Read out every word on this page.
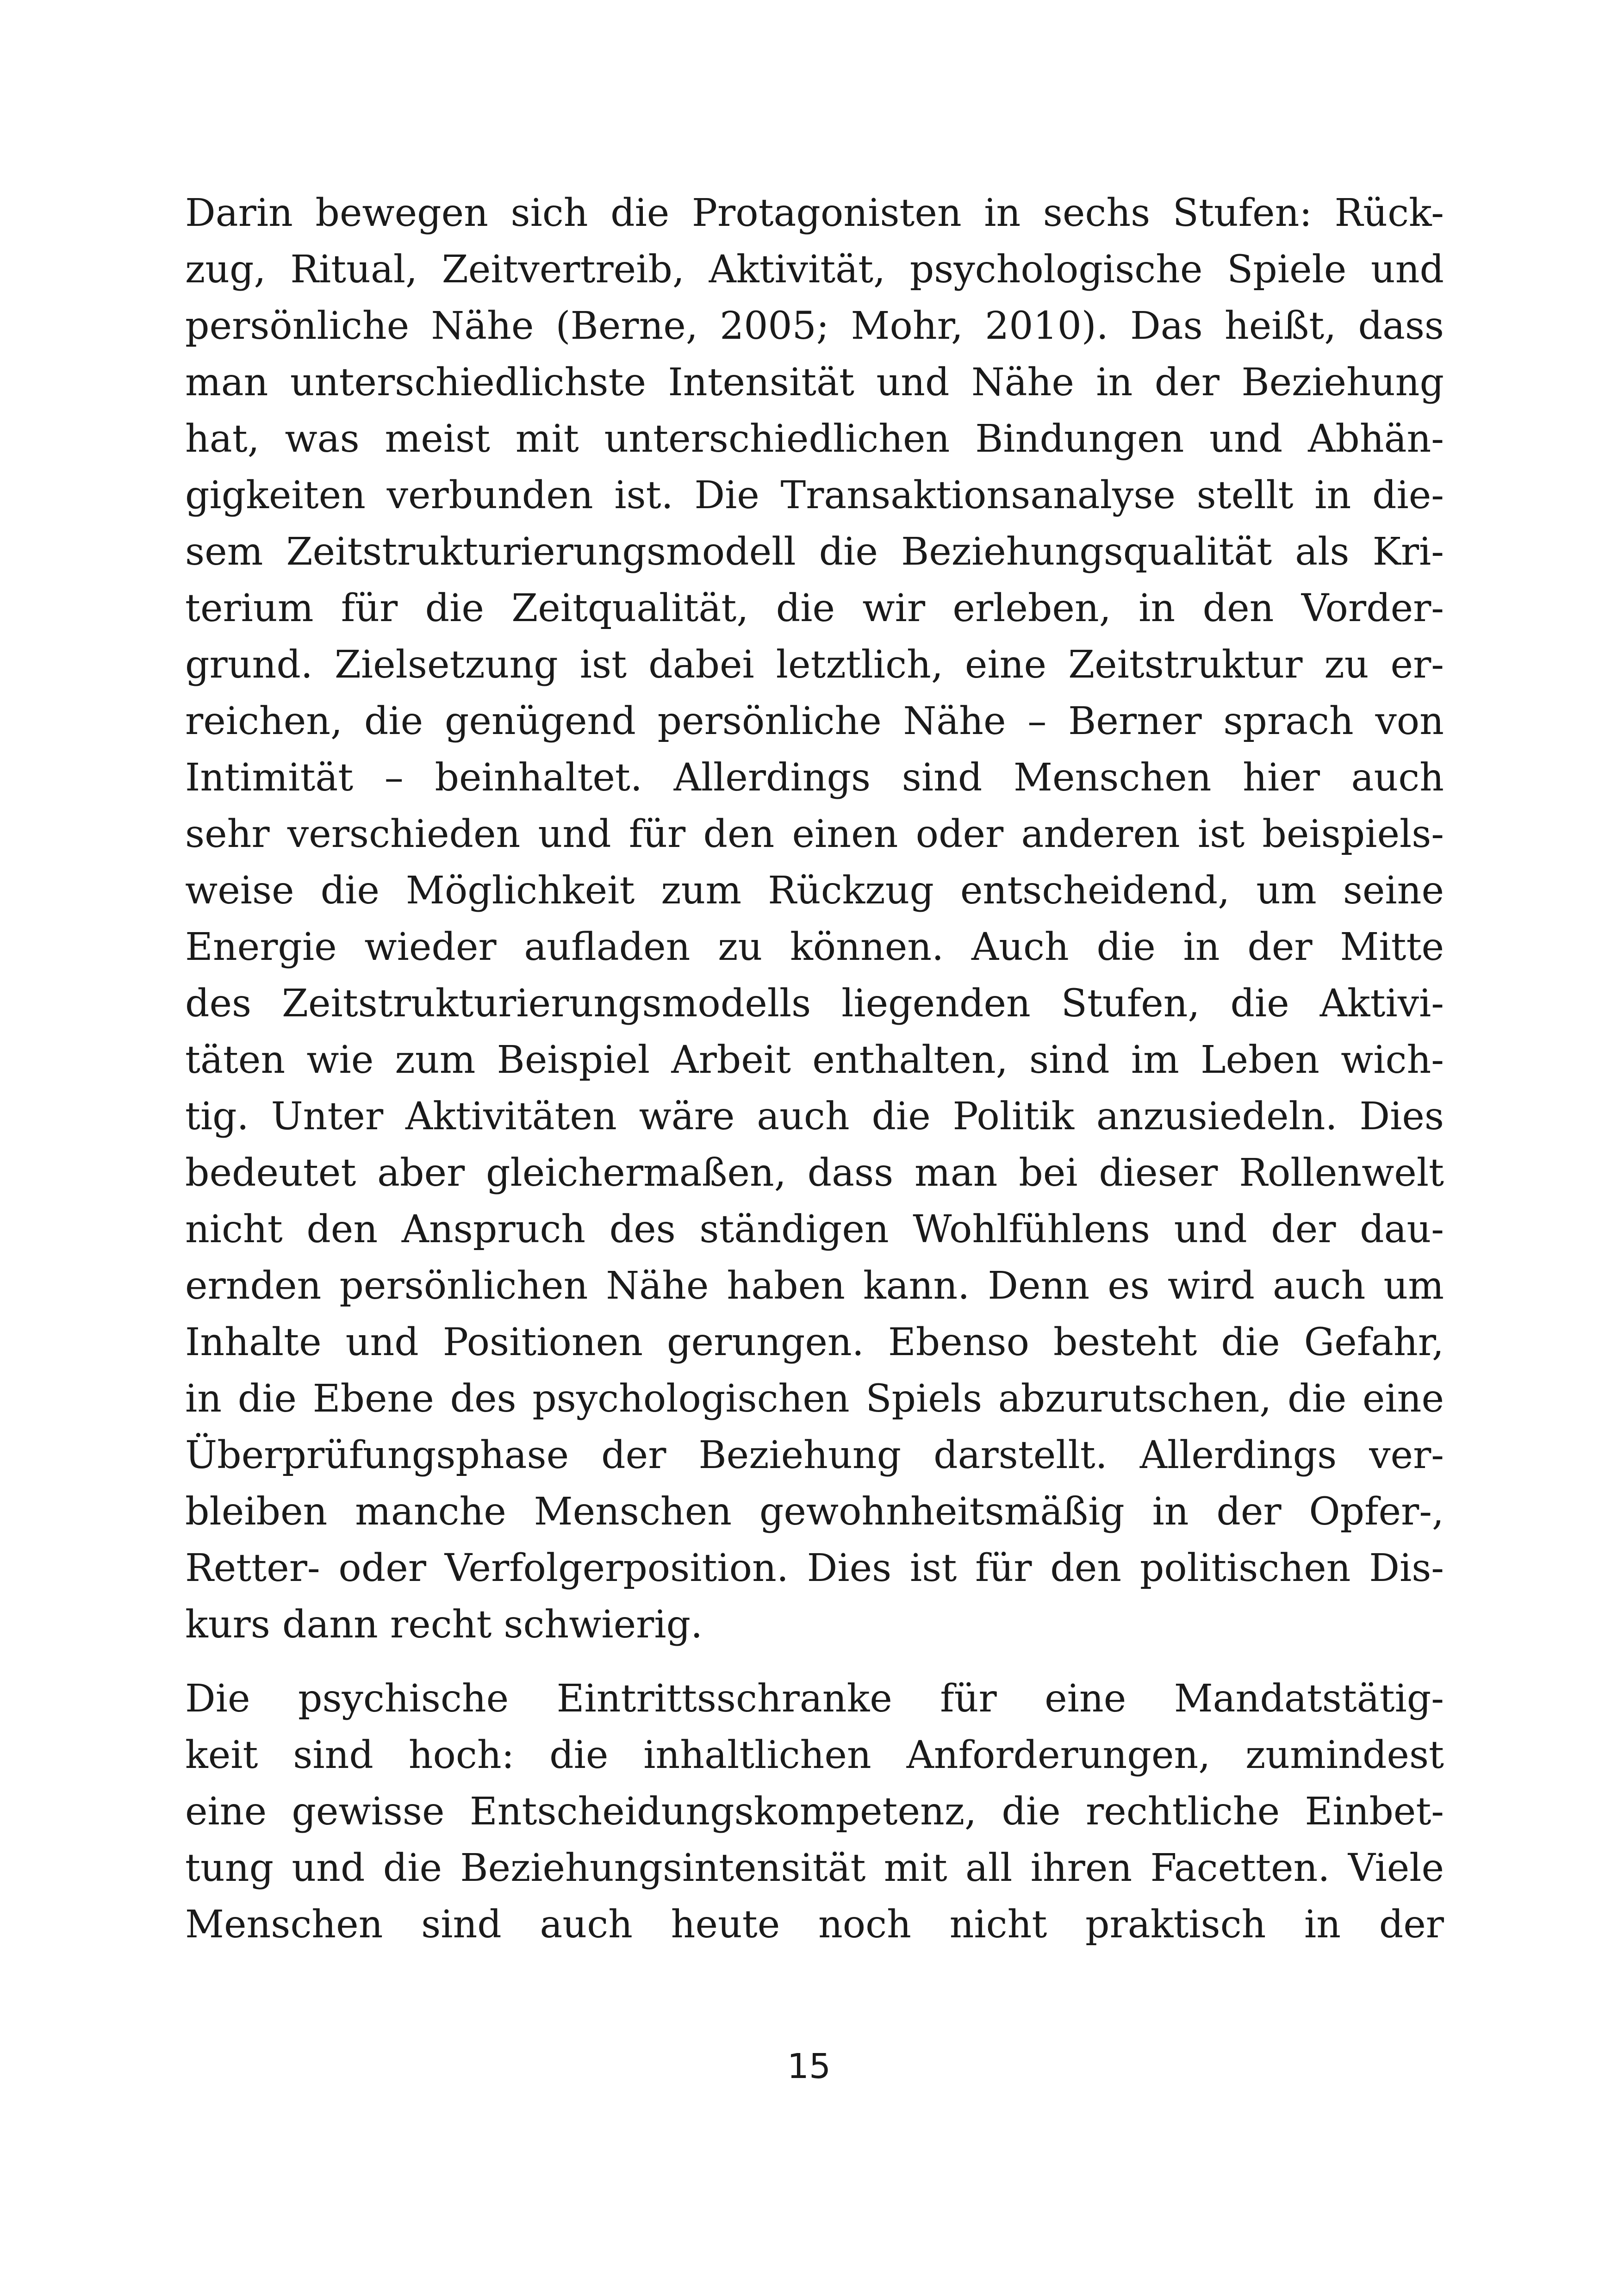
Darin bewegen sich die Protagonisten in sechs Stufen: Rück-
zug, Ritual, Zeitvertreib, Aktivität, psychologische Spiele und
persönliche Nähe (Berne, 2005; Mohr, 2010). Das heißt, dass
man unterschiedlichste Intensität und Nähe in der Beziehung
hat, was meist mit unterschiedlichen Bindungen und Abhän-
gigkeiten verbunden ist. Die Transaktionsanalyse stellt in die-
sem Zeitstrukturierungsmodell die Beziehungsqualität als Kri-
terium für die Zeitqualität, die wir erleben, in den Vorder-
grund. Zielsetzung ist dabei letztlich, eine Zeitstruktur zu er-
reichen, die genügend persönliche Nähe – Berner sprach von
Intimität – beinhaltet. Allerdings sind Menschen hier auch
sehr verschieden und für den einen oder anderen ist beispiels-
weise die Möglichkeit zum Rückzug entscheidend, um seine
Energie wieder aufladen zu können. Auch die in der Mitte
des Zeitstrukturierungsmodells liegenden Stufen, die Aktivi-
täten wie zum Beispiel Arbeit enthalten, sind im Leben wich-
tig. Unter Aktivitäten wäre auch die Politik anzusiedeln. Dies
bedeutet aber gleichermaßen, dass man bei dieser Rollenwelt
nicht den Anspruch des ständigen Wohlfühlens und der dau-
ernden persönlichen Nähe haben kann. Denn es wird auch um
Inhalte und Positionen gerungen. Ebenso besteht die Gefahr,
in die Ebene des psychologischen Spiels abzurutschen, die eine
Überprüfungsphase der Beziehung darstellt. Allerdings ver-
bleiben manche Menschen gewohnheitsmäßig in der Opfer-,
Retter- oder Verfolgerposition. Dies ist für den politischen Dis-
kurs dann recht schwierig.

Die psychische Eintrittsschranke für eine Mandatstätig-
keit sind hoch: die inhaltlichen Anforderungen, zumindest
eine gewisse Entscheidungskompetenz, die rechtliche Einbet-
tung und die Beziehungsintensität mit all ihren Facetten. Viele
Menschen sind auch heute noch nicht praktisch in der

15
